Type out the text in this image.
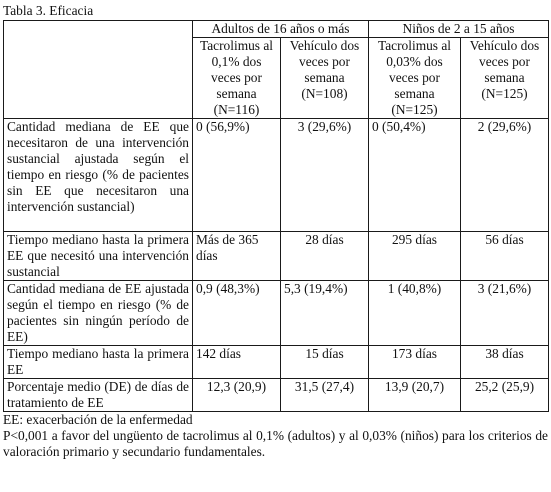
Tabla 3. Eficacia
	Adultos de 16 años o más		Niños de 2 a 15 años	
	Tacrolimus al 0,1% dos veces por semana (N=116)	Vehículo dos veces por semana (N=108)	Tacrolimus al 0,03% dos veces por semana (N=125)	Vehículo dos veces por semana (N=125)
Cantidad mediana de EE que necesitaron de una intervención sustancial ajustada según el tiempo en riesgo (% de pacientes sin EE que necesitaron una intervención sustancial)	0 (56,9%)	3 (29,6%)	0 (50,4%)	2 (29,6%)
Tiempo mediano hasta la primera EE que necesitó una intervención sustancial	Más de 365 días	28 días	295 días	56 días
Cantidad mediana de EE ajustada según el tiempo en riesgo (% de pacientes sin ningún período de EE)	0,9 (48,3%)	5,3 (19,4%)	1 (40,8%)	3 (21,6%)
Tiempo mediano hasta la primera EE	142 días	15 días	173 días	38 días
Porcentaje medio (DE) de días de tratamiento de EE	12,3 (20,9)	31,5 (27,4)	13,9 (20,7)	25,2 (25,9)

EE: exacerbación de la enfermedad

P<0,001 a favor del ungüento de tacrolimus al 0,1% (adultos) y al 0,03% (niños) para los criterios de valoración primario y secundario fundamentales.
